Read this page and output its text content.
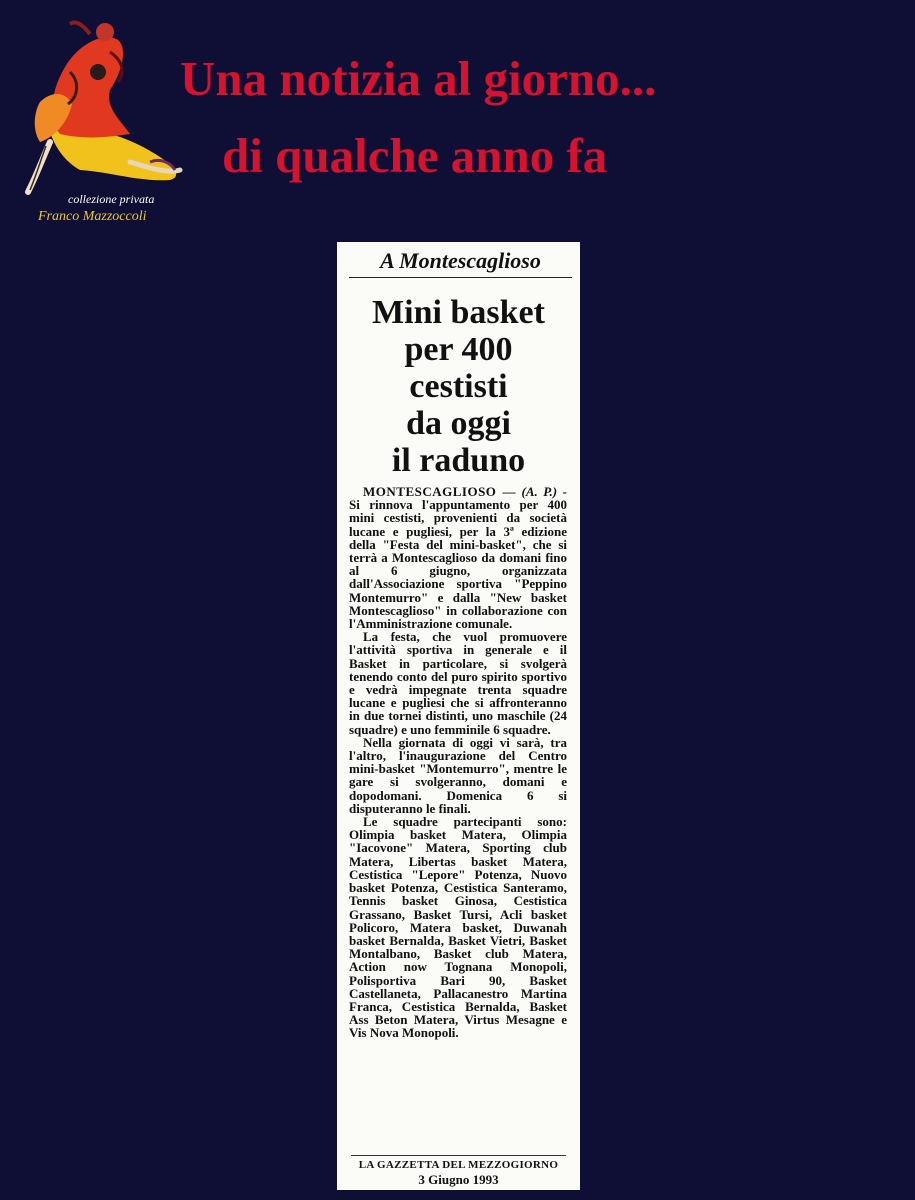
collezione privata
Franco Mazzoccoli
Una notizia al giorno...
di qualche anno fa
A Montescaglioso
Mini basket
per 400
cestisti
da oggi
il raduno

MONTESCAGLIOSO — (A. P.) - Si rinnova l'appuntamento per 400 mini cestisti, provenienti da società lucane e pugliesi, per la 3ª edizione della "Festa del mini-basket", che si terrà a Montescaglioso da domani fino al 6 giugno, organizzata dall'Associazione sportiva "Peppino Montemurro" e dalla "New basket Montescaglioso" in collaborazione con l'Amministrazione comunale.

La festa, che vuol promuovere l'attività sportiva in generale e il Basket in particolare, si svolgerà tenendo conto del puro spirito sportivo e vedrà impegnate trenta squadre lucane e pugliesi che si affronteranno in due tornei distinti, uno maschile (24 squadre) e uno femminile 6 squadre.

Nella giornata di oggi vi sarà, tra l'altro, l'inaugurazione del Centro mini-basket "Montemurro", mentre le gare si svolgeranno, domani e dopodomani. Domenica 6 si disputeranno le finali.

Le squadre partecipanti sono: Olimpia basket Matera, Olimpia "Iacovone" Matera, Sporting club Matera, Libertas basket Matera, Cestistica "Lepore" Potenza, Nuovo basket Potenza, Cestistica Santeramo, Tennis basket Ginosa, Cestistica Grassano, Basket Tursi, Acli basket Policoro, Matera basket, Duwanah basket Bernalda, Basket Vietri, Basket Montalbano, Basket club Matera, Action now Tognana Monopoli, Polisportiva Bari 90, Basket Castellaneta, Pallacanestro Martina Franca, Cestistica Bernalda, Basket Ass Beton Matera, Virtus Mesagne e Vis Nova Monopoli.

LA GAZZETTA DEL MEZZOGIORNO
3 Giugno 1993
